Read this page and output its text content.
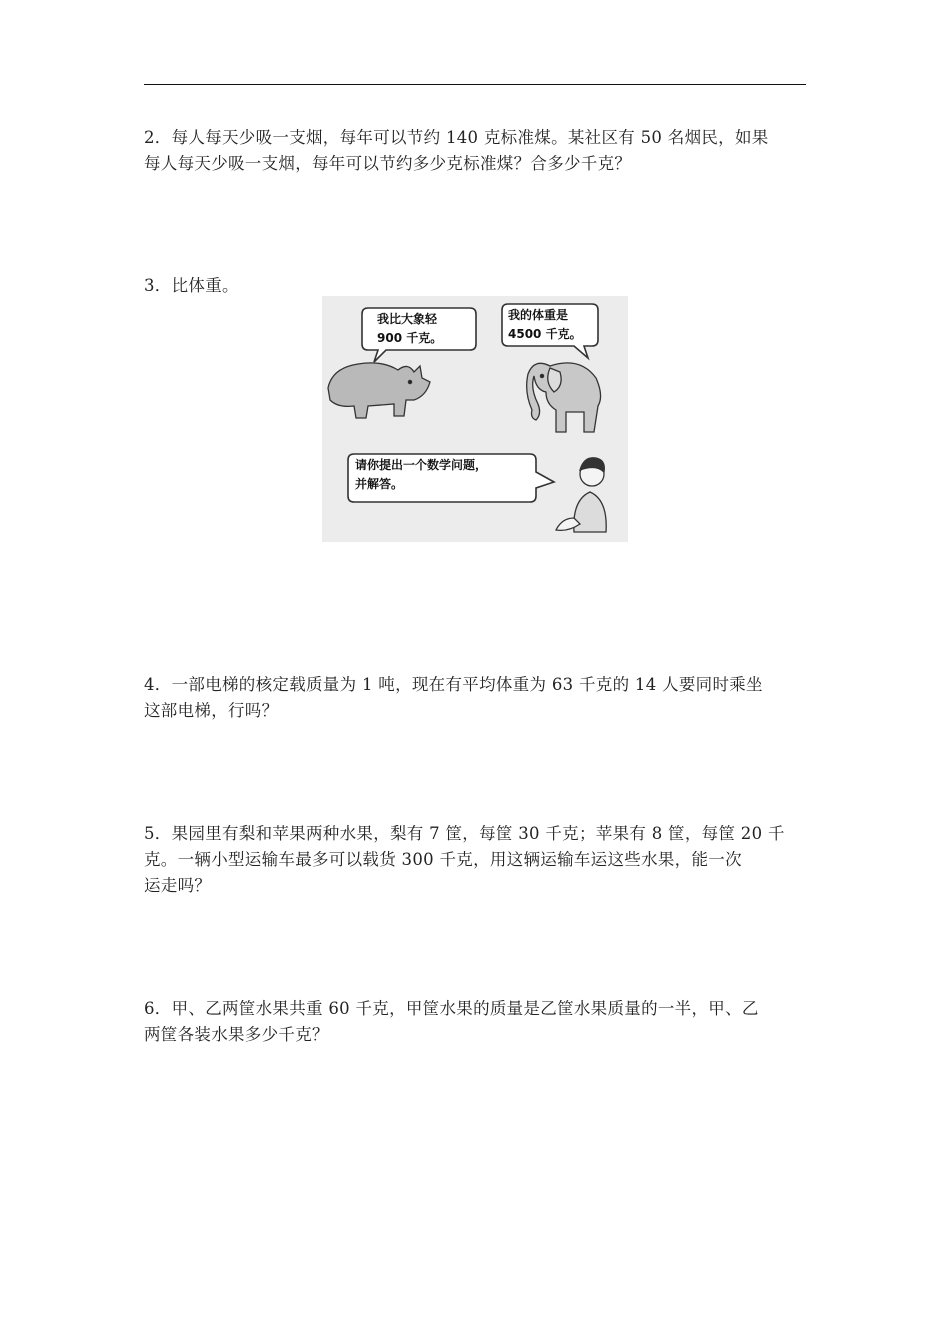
2．每人每天少吸一支烟，每年可以节约 140 克标准煤。某社区有 50 名烟民，如果

每人每天少吸一支烟，每年可以节约多少克标准煤？合多少千克？

3．比体重。

我比大象轻
900 千克。
我的体重是
4500 千克。
请你提出一个数学问题，
并解答。

4．一部电梯的核定载质量为 1 吨，现在有平均体重为 63 千克的 14 人要同时乘坐

这部电梯，行吗？

5．果园里有梨和苹果两种水果，梨有 7 筐，每筐 30 千克；苹果有 8 筐，每筐 20 千

克。一辆小型运输车最多可以载货 300 千克，用这辆运输车运这些水果，能一次

运走吗？

6．甲、乙两筐水果共重 60 千克，甲筐水果的质量是乙筐水果质量的一半，甲、乙

两筐各装水果多少千克？
